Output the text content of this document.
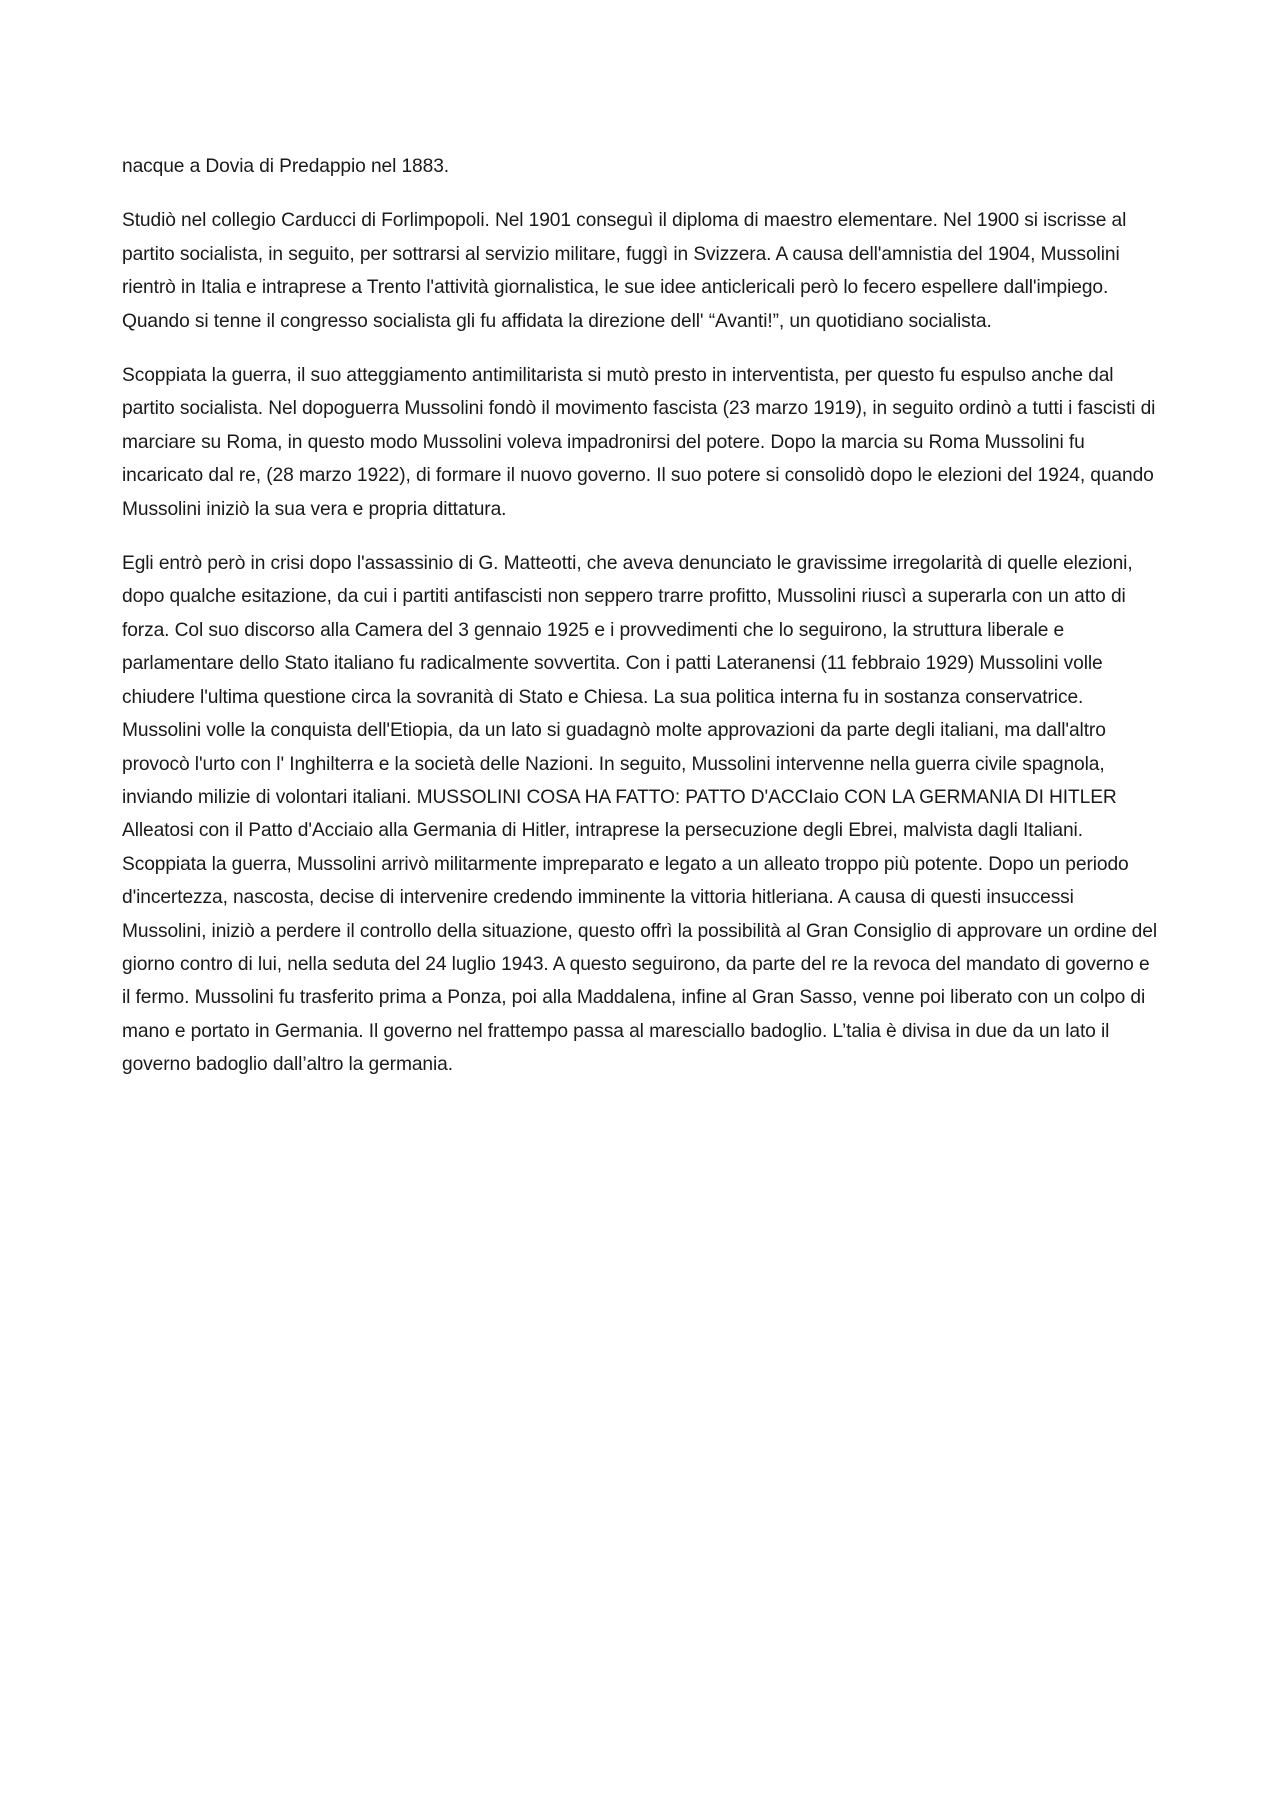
nacque a Dovia di Predappio nel 1883.

Studiò nel collegio Carducci di Forlimpopoli. Nel 1901 conseguì il diploma di maestro elementare. Nel 1900 si iscrisse al partito socialista, in seguito, per sottrarsi al servizio militare, fuggì in Svizzera. A causa dell'amnistia del 1904, Mussolini rientrò in Italia e intraprese a Trento l'attività giornalistica, le sue idee anticlericali però lo fecero espellere dall'impiego. Quando si tenne il congresso socialista gli fu affidata la direzione dell' “Avanti!”, un quotidiano socialista.

Scoppiata la guerra, il suo atteggiamento antimilitarista si mutò presto in interventista, per questo fu espulso anche dal partito socialista. Nel dopoguerra Mussolini fondò il movimento fascista (23 marzo 1919), in seguito ordinò a tutti i fascisti di marciare su Roma, in questo modo Mussolini voleva impadronirsi del potere. Dopo la marcia su Roma Mussolini fu incaricato dal re, (28 marzo 1922), di formare il nuovo governo. Il suo potere si consolidò dopo le elezioni del 1924, quando Mussolini iniziò la sua vera e propria dittatura.

Egli entrò però in crisi dopo l'assassinio di G. Matteotti, che aveva denunciato le gravissime irregolarità di quelle elezioni, dopo qualche esitazione, da cui i partiti antifascisti non seppero trarre profitto, Mussolini riuscì a superarla con un atto di forza. Col suo discorso alla Camera del 3 gennaio 1925 e i provvedimenti che lo seguirono, la struttura liberale e parlamentare dello Stato italiano fu radicalmente sovvertita. Con i patti Lateranensi (11 febbraio 1929) Mussolini volle chiudere l'ultima questione circa la sovranità di Stato e Chiesa. La sua politica interna fu in sostanza conservatrice. Mussolini volle la conquista dell'Etiopia, da un lato si guadagnò molte approvazioni da parte degli italiani, ma dall'altro provocò l'urto con l' Inghilterra e la società delle Nazioni. In seguito, Mussolini intervenne nella guerra civile spagnola, inviando milizie di volontari italiani. MUSSOLINI COSA HA FATTO: PATTO D'ACCIaio CON LA GERMANIA DI HITLER Alleatosi con il Patto d'Acciaio alla Germania di Hitler, intraprese la persecuzione degli Ebrei, malvista dagli Italiani. Scoppiata la guerra, Mussolini arrivò militarmente impreparato e legato a un alleato troppo più potente. Dopo un periodo d'incertezza, nascosta, decise di intervenire credendo imminente la vittoria hitleriana. A causa di questi insuccessi Mussolini, iniziò a perdere il controllo della situazione, questo offrì la possibilità al Gran Consiglio di approvare un ordine del giorno contro di lui, nella seduta del 24 luglio 1943. A questo seguirono, da parte del re la revoca del mandato di governo e il fermo. Mussolini fu trasferito prima a Ponza, poi alla Maddalena, infine al Gran Sasso, venne poi liberato con un colpo di mano e portato in Germania. Il governo nel frattempo passa al maresciallo badoglio. L’talia è divisa in due da un lato il governo badoglio dall’altro la germania.
